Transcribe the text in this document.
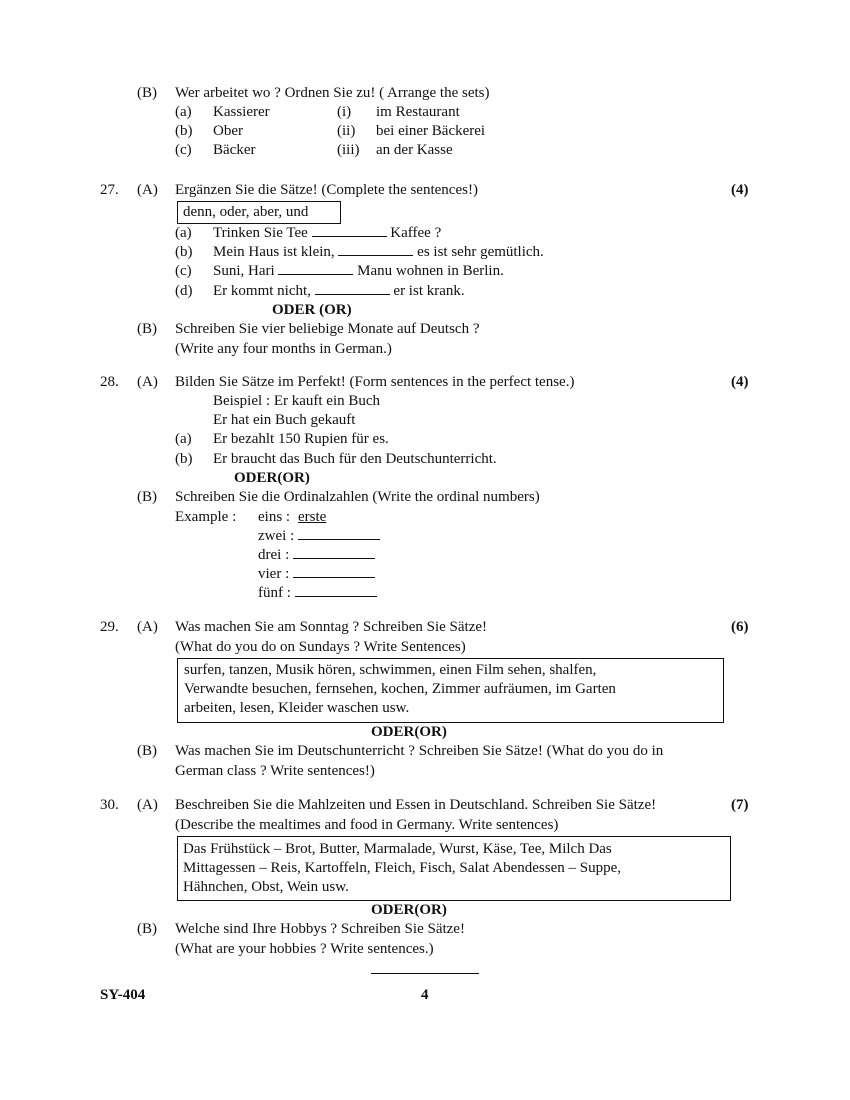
(B) Wer arbeitet wo ? Ordnen Sie zu! ( Arrange the sets)
(a) Kassierer	(i) im Restaurant
(b) Ober	(ii) bei einer Bäckerei
(c) Bäcker	(iii) an der Kasse
27. (A) Ergänzen Sie die Sätze! (Complete the sentences!)	(4)
denn, oder, aber, und
(a) Trinken Sie Tee	Kaffee ?
(b) Mein Haus ist klein,	es ist sehr gemütlich.
(c) Suni, Hari	Manu wohnen in Berlin.
(d) Er kommt nicht,	er ist krank.
ODER (OR)
(B) Schreiben Sie vier beliebige Monate auf Deutsch ?
(Write any four months in German.)
28. (A) Bilden Sie Sätze im Perfekt! (Form sentences in the perfect tense.)	(4)
Beispiel : Er kauft ein Buch
Er hat ein Buch gekauft
(a) Er bezahlt 150 Rupien für es.
(b) Er braucht das Buch für den Deutschunterricht.
ODER(OR)
(B) Schreiben Sie die Ordinalzahlen (Write the ordinal numbers)
Example : eins : erste
zwei :
drei :
vier :
fünf :
29. (A) Was machen Sie am Sonntag ? Schreiben Sie Sätze!	(6)
(What do you do on Sundays ? Write Sentences)
surfen, tanzen, Musik hören, schwimmen, einen Film sehen, shalfen,
Verwandte besuchen, fernsehen, kochen, Zimmer aufräumen, im Garten
arbeiten, lesen, Kleider waschen usw.
ODER(OR)
(B) Was machen Sie im Deutschunterricht ? Schreiben Sie Sätze! (What do you do in
German class ? Write sentences!)
30. (A) Beschreiben Sie die Mahlzeiten und Essen in Deutschland. Schreiben Sie Sätze!	(7)
(Describe the mealtimes and food in Germany. Write sentences)
Das Frühstück – Brot, Butter, Marmalade, Wurst, Käse, Tee, Milch Das
Mittagessen – Reis, Kartoffeln, Fleich, Fisch, Salat Abendessen – Suppe,
Hähnchen, Obst, Wein usw.
ODER(OR)
(B) Welche sind Ihre Hobbys ? Schreiben Sie Sätze!
(What are your hobbies ? Write sentences.)
SY-404	4
